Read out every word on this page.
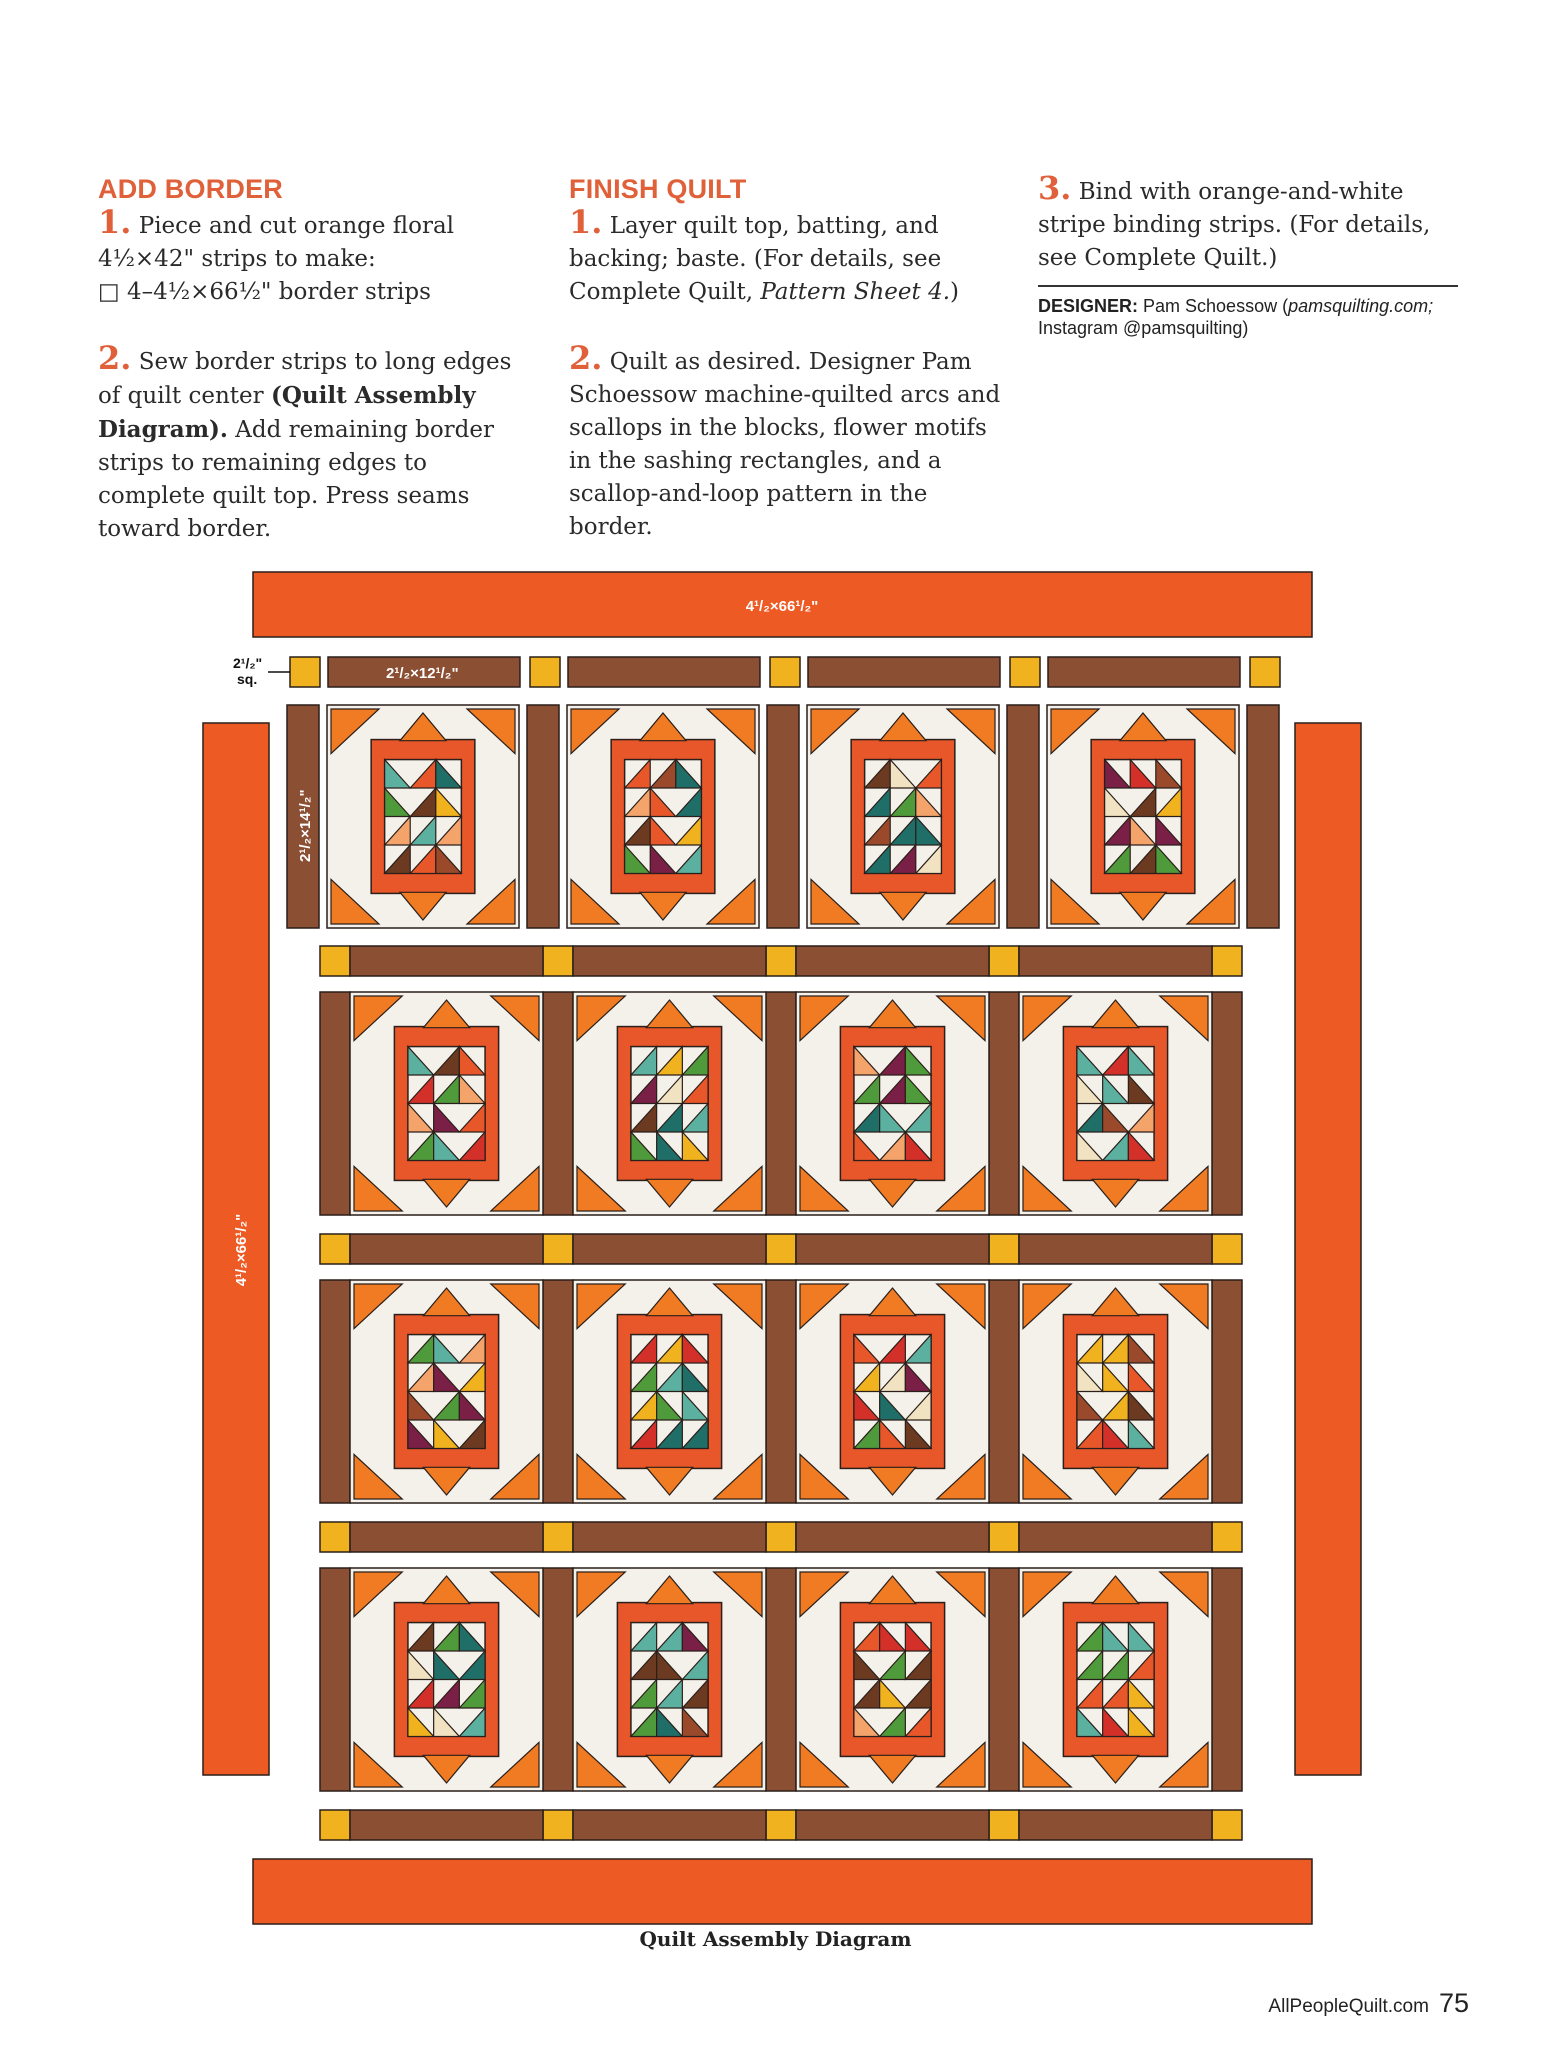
ADD BORDER
1. Piece and cut orange floral
4¹⁄₂×42" strips to make:
□ 4–4¹⁄₂×66¹⁄₂" border strips
2. Sew border strips to long edges of quilt center (Quilt Assembly Diagram). Add remaining border strips to remaining edges to complete quilt top. Press seams toward border.
FINISH QUILT
1. Layer quilt top, batting, and backing; baste. (For details, see Complete Quilt, Pattern Sheet 4.)
2. Quilt as desired. Designer Pam Schoessow machine-quilted arcs and scallops in the blocks, flower motifs in the sashing rectangles, and a scallop-and-loop pattern in the border.
3. Bind with orange-and-white stripe binding strips. (For details, see Complete Quilt.)
DESIGNER: Pam Schoessow (pamsquilting.com;
Instagram @pamsquilting)
4¹/₂×66¹/₂"
4¹/₂×66¹/₂"
2¹/₂×12¹/₂"
2¹/₂"
sq.
2¹/₂×14¹/₂"
Quilt Assembly Diagram
AllPeopleQuilt.com 75
